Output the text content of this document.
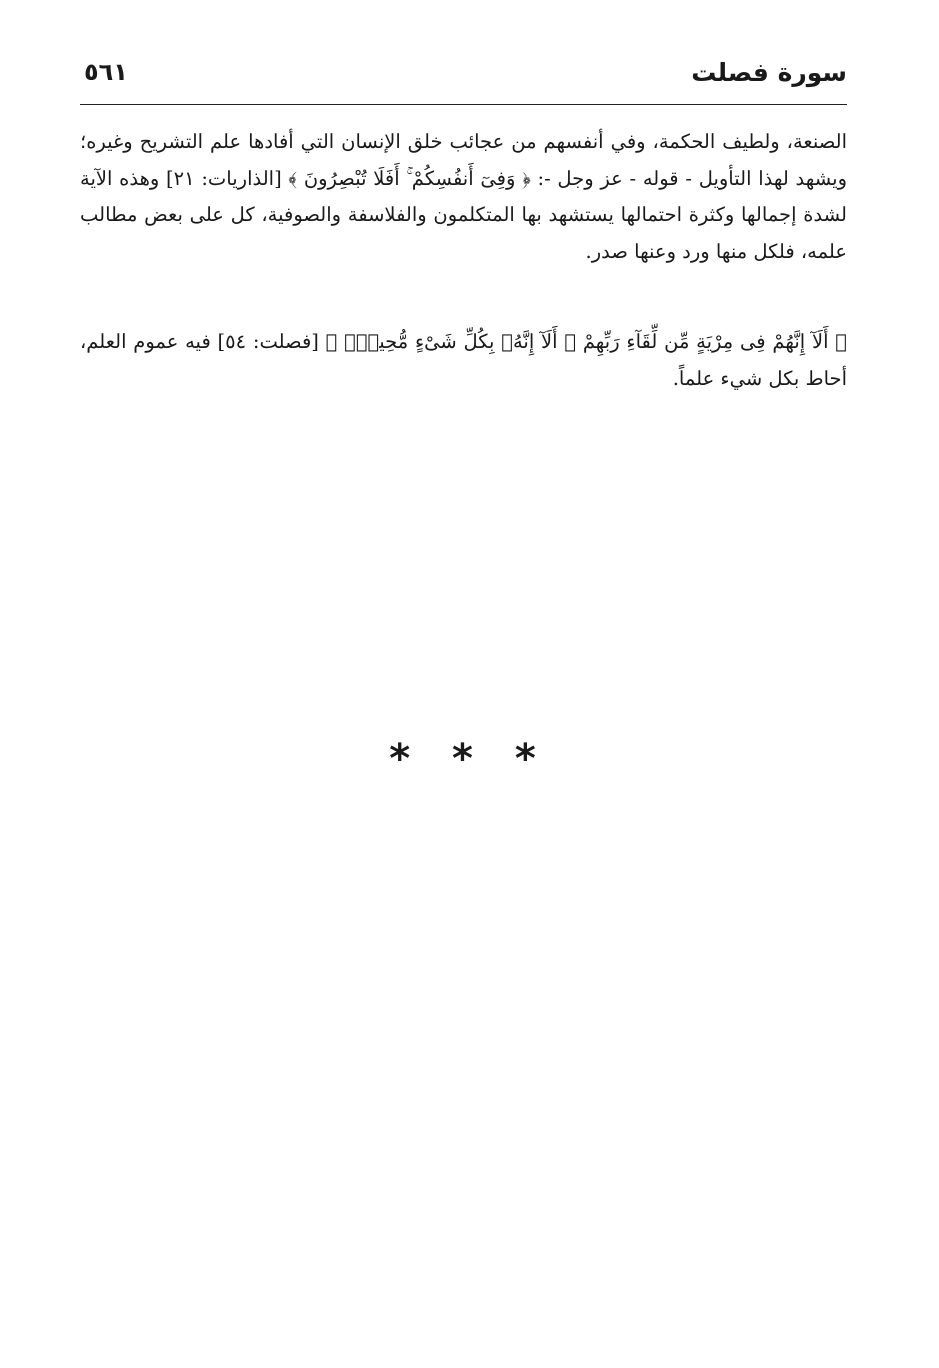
سورة فصلت
٥٦١

الصنعة، ولطيف الحكمة، وفي أنفسهم من عجائب خلق الإنسان التي أفادها علم التشريح وغيره؛ ويشهد لهذا التأويل - قوله - عز وجل -: ﴿ وَفِىٓ أَنفُسِكُمْ ۚ أَفَلَا تُبْصِرُونَ ﴾ [الذاريات: ٢١] وهذه الآية لشدة إجمالها وكثرة احتمالها يستشهد بها المتكلمون والفلاسفة والصوفية، كل على بعض مطالب علمه، فلكل منها ورد وعنها صدر.

﴿ أَلَآ إِنَّهُمْ فِى مِرْيَةٍ مِّن لِّقَآءِ رَبِّهِمْ ۗ أَلَآ إِنَّهُۥ بِكُلِّ شَىْءٍ مُّحِيطٌۢ ﴾ [فصلت: ٥٤] فيه عموم العلم، أحاط بكل شيء علماً.

* * *
